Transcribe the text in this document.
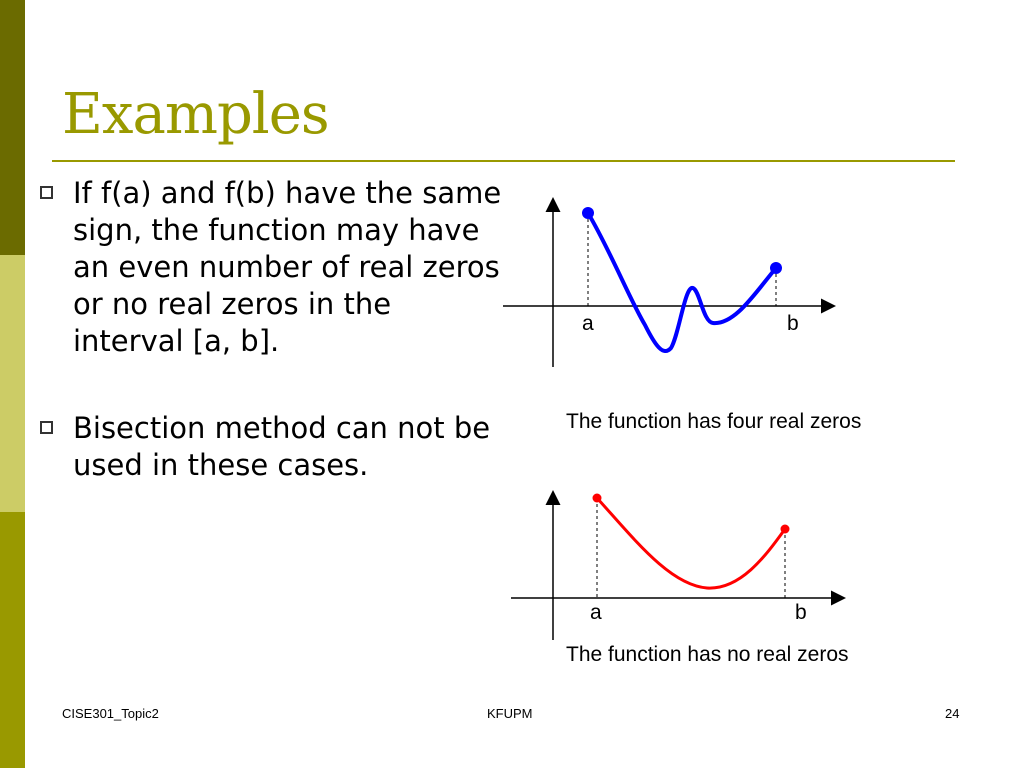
Examples
If f(a) and f(b) have the same sign, the function may have an even number of real zeros or no real zeros in the interval [a, b].
Bisection method can not be used in these cases.
a	b
The function has four real zeros
a	b
The function has no real zeros
CISE301_Topic2	KFUPM	24
